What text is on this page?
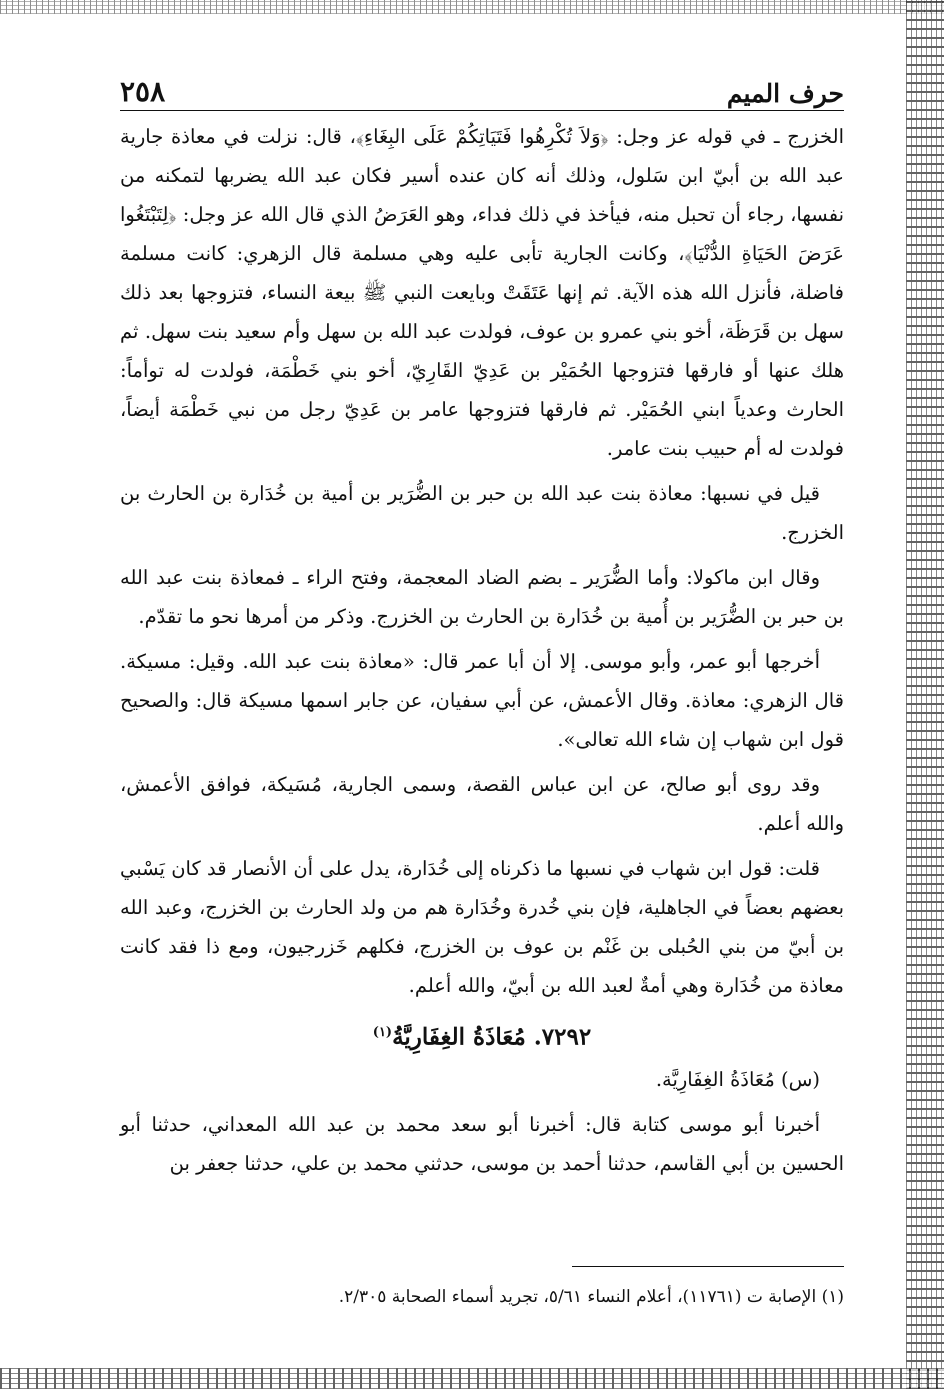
حرف الميم
٢٥٨

الخزرج ـ في قوله عز وجل: ﴿وَلاَ تُكْرِهُوا فَتَيَاتِكُمْ عَلَى البِغَاءِ﴾، قال: نزلت في معاذة جارية عبد الله بن أبيّ ابن سَلول، وذلك أنه كان عنده أسير فكان عبد الله يضربها لتمكنه من نفسها، رجاء أن تحبل منه، فيأخذ في ذلك فداء، وهو العَرَضُ الذي قال الله عز وجل: ﴿لِتَبْتَغُوا عَرَضَ الحَيَاةِ الدُّنْيَا﴾، وكانت الجارية تأبى عليه وهي مسلمة قال الزهري: كانت مسلمة فاضلة، فأنزل الله هذه الآية. ثم إنها عَتَقَتْ وبايعت النبي ﷺ بيعة النساء، فتزوجها بعد ذلك سهل بن قَرَظَة، أخو بني عمرو بن عوف، فولدت عبد الله بن سهل وأم سعيد بنت سهل. ثم هلك عنها أو فارقها فتزوجها الحُمَيْر بن عَدِيّ القَارِيّ، أخو بني خَطْمَة، فولدت له توأماً: الحارث وعدياً ابني الحُمَيْر. ثم فارقها فتزوجها عامر بن عَدِيّ رجل من نبي خَطْمَة أيضاً، فولدت له أم حبيب بنت عامر.

قيل في نسبها: معاذة بنت عبد الله بن حبر بن الضُّرَير بن أمية بن خُدَارة بن الحارث بن الخزرج.

وقال ابن ماكولا: وأما الضُّرَير ـ بضم الضاد المعجمة، وفتح الراء ـ فمعاذة بنت عبد الله بن حبر بن الضُّرَير بن أُمية بن خُدَارة بن الحارث بن الخزرج. وذكر من أمرها نحو ما تقدّم.

أخرجها أبو عمر، وأبو موسى. إلا أن أبا عمر قال: «معاذة بنت عبد الله. وقيل: مسيكة. قال الزهري: معاذة. وقال الأعمش، عن أبي سفيان، عن جابر اسمها مسيكة قال: والصحيح قول ابن شهاب إن شاء الله تعالى».

وقد روى أبو صالح، عن ابن عباس القصة، وسمى الجارية، مُسَيكة، فوافق الأعمش، والله أعلم.

قلت: قول ابن شهاب في نسبها ما ذكرناه إلى خُدَارة، يدل على أن الأنصار قد كان يَسْبي بعضهم بعضاً في الجاهلية، فإن بني خُدرة وخُدَارة هم من ولد الحارث بن الخزرج، وعبد الله بن أبيّ من بني الحُبلى بن غَنْم بن عوف بن الخزرج، فكلهم خَزرجيون، ومع ذا فقد كانت معاذة من خُدَارة وهي أمةٌ لعبد الله بن أبيّ، والله أعلم.

٧٢٩٢. مُعَاذَةُ الغِفَارِيَّةُ$^{(١)}$

(س) مُعَاذَةُ الغِفَارِيَّة.

أخبرنا أبو موسى كتابة قال: أخبرنا أبو سعد محمد بن عبد الله المعداني، حدثنا أبو الحسين بن أبي القاسم، حدثنا أحمد بن موسى، حدثني محمد بن علي، حدثنا جعفر بن

(١) الإصابة ت (١١٧٦١)، أعلام النساء ٥/٦١، تجريد أسماء الصحابة ٢/٣٠٥.
